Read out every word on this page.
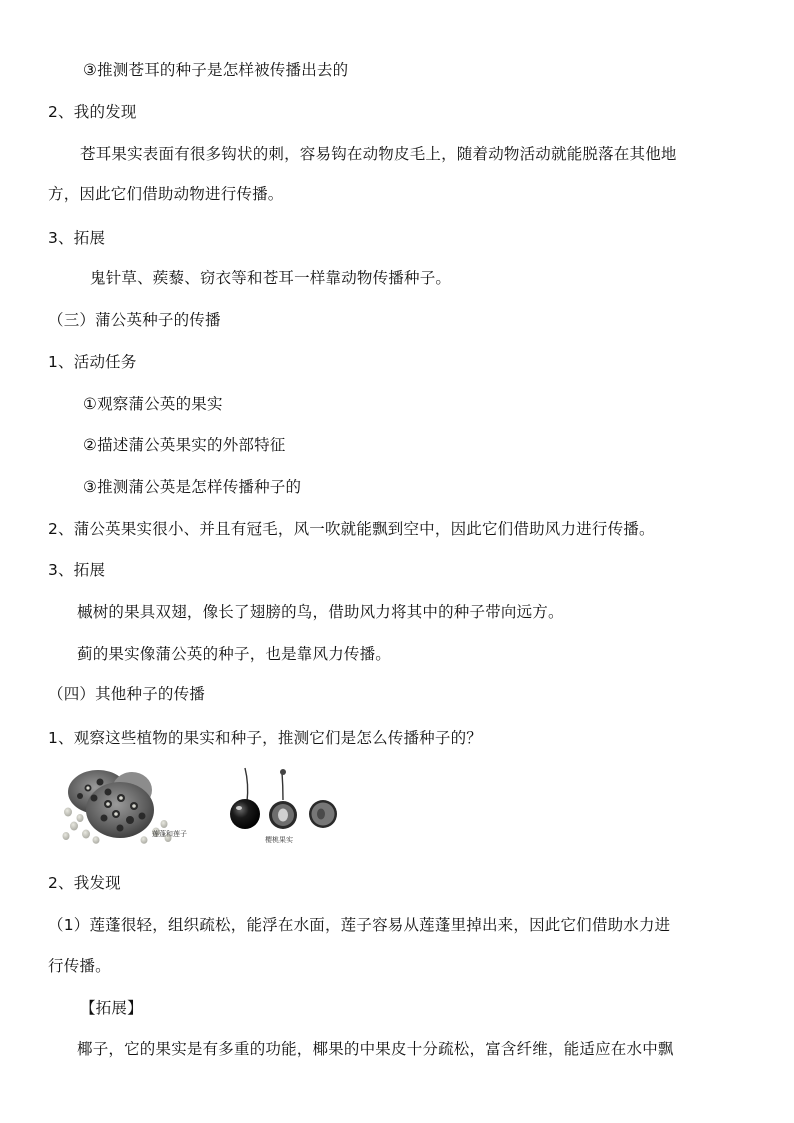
③推测苍耳的种子是怎样被传播出去的

2、我的发现

苍耳果实表面有很多钩状的刺，容易钩在动物皮毛上，随着动物活动就能脱落在其他地

方，因此它们借助动物进行传播。

3、拓展

鬼针草、蒺藜、窃衣等和苍耳一样靠动物传播种子。

（三）蒲公英种子的传播

1、活动任务

①观察蒲公英的果实

②描述蒲公英果实的外部特征

③推测蒲公英是怎样传播种子的

2、蒲公英果实很小、并且有冠毛，风一吹就能飘到空中，因此它们借助风力进行传播。

3、拓展

槭树的果具双翅，像长了翅膀的鸟，借助风力将其中的种子带向远方。

蓟的果实像蒲公英的种子，也是靠风力传播。

（四）其他种子的传播

1、观察这些植物的果实和种子，推测它们是怎么传播种子的？

莲蓬和莲子
樱桃果实

2、我发现

（1）莲蓬很轻，组织疏松，能浮在水面，莲子容易从莲蓬里掉出来，因此它们借助水力进

行传播。

【拓展】

椰子，它的果实是有多重的功能，椰果的中果皮十分疏松，富含纤维，能适应在水中飘
